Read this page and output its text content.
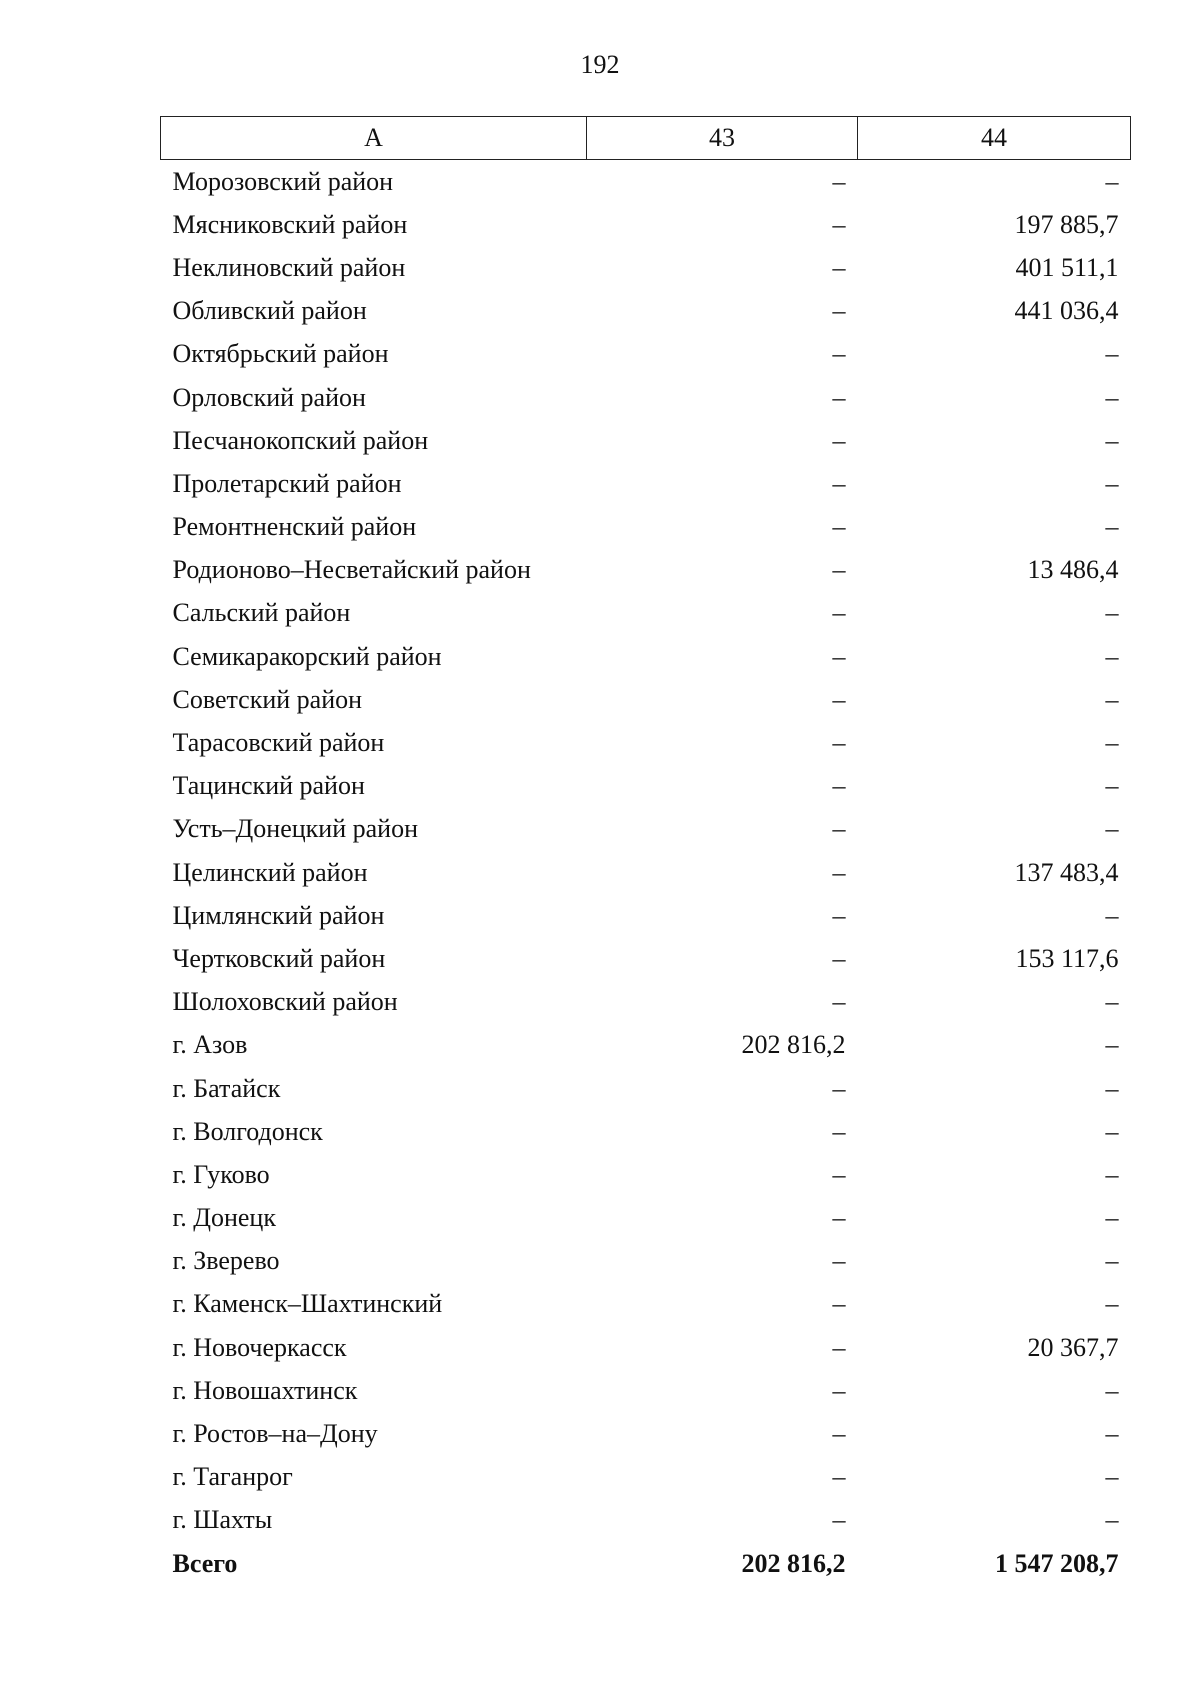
192
А	43	44
Морозовский район	–	–
Мясниковский район	–	197 885,7
Неклиновский район	–	401 511,1
Обливский район	–	441 036,4
Октябрьский район	–	–
Орловский район	–	–
Песчанокопский район	–	–
Пролетарский район	–	–
Ремонтненский район	–	–
Родионово–Несветайский район	–	13 486,4
Сальский район	–	–
Семикаракорский район	–	–
Советский район	–	–
Тарасовский район	–	–
Тацинский район	–	–
Усть–Донецкий район	–	–
Целинский район	–	137 483,4
Цимлянский район	–	–
Чертковский район	–	153 117,6
Шолоховский район	–	–
г. Азов	202 816,2	–
г. Батайск	–	–
г. Волгодонск	–	–
г. Гуково	–	–
г. Донецк	–	–
г. Зверево	–	–
г. Каменск–Шахтинский	–	–
г. Новочеркасск	–	20 367,7
г. Новошахтинск	–	–
г. Ростов–на–Дону	–	–
г. Таганрог	–	–
г. Шахты	–	–
Всего	202 816,2	1 547 208,7
